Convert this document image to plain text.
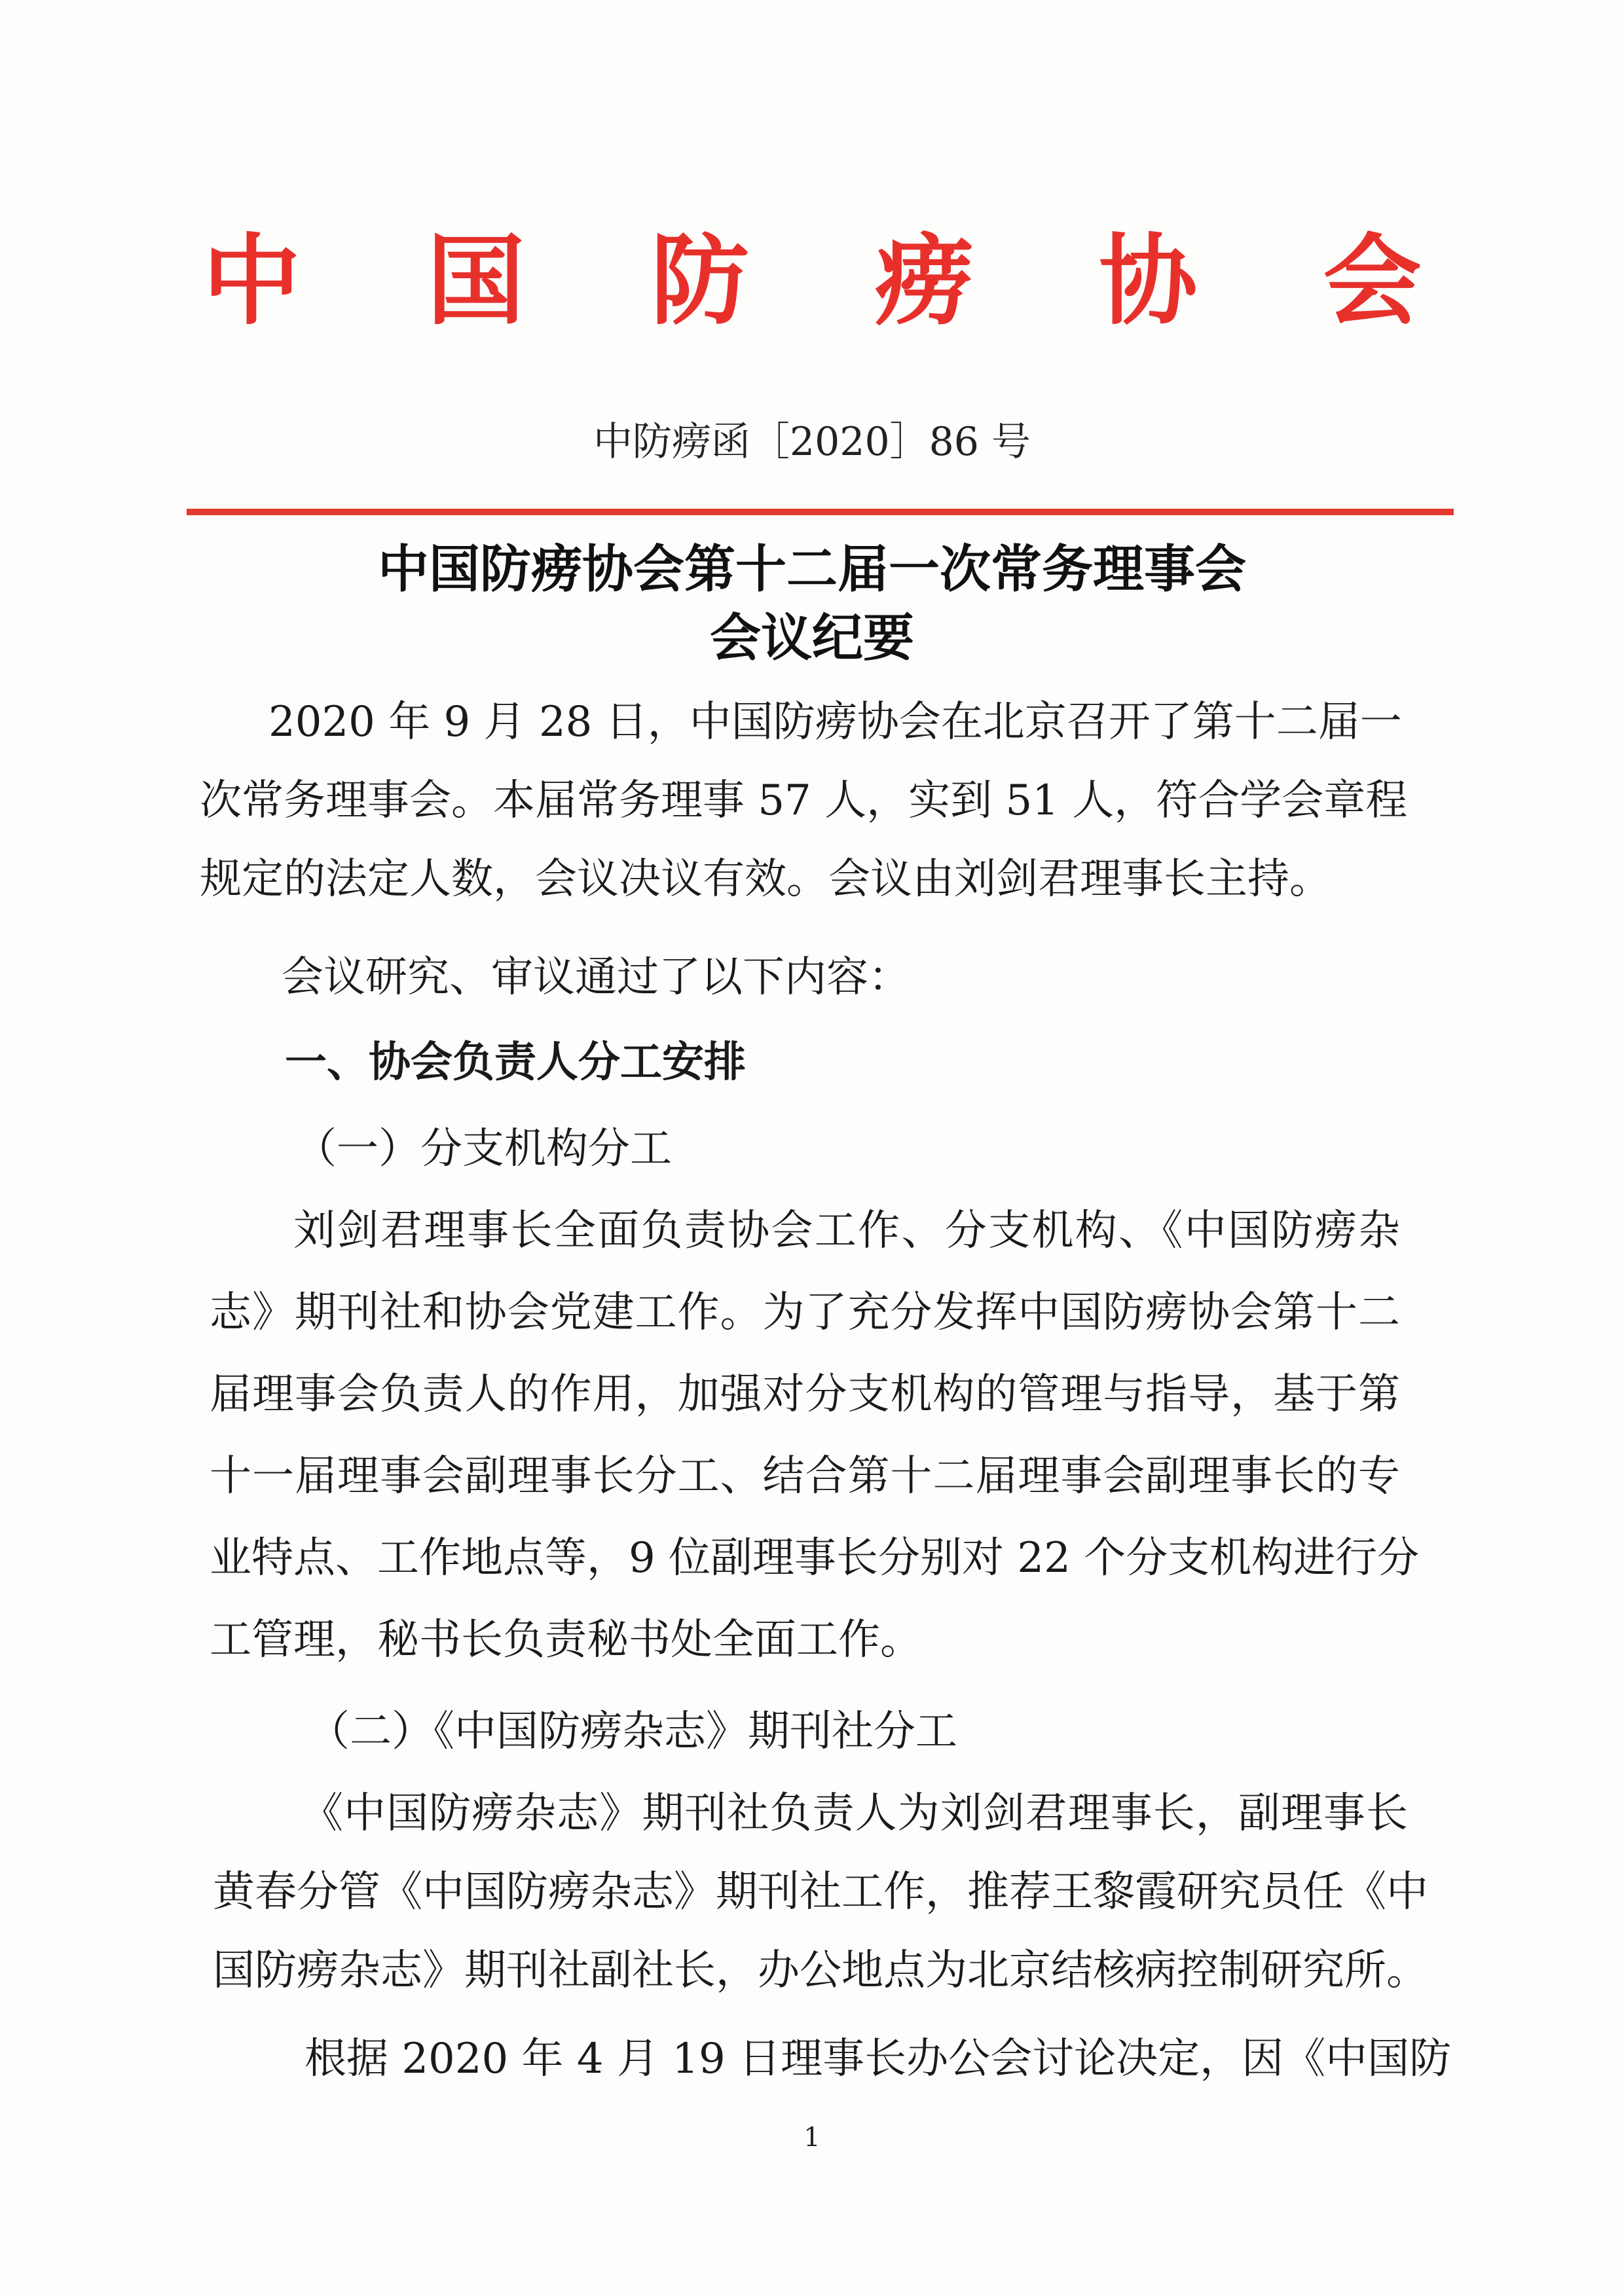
中 国 防 痨 协 会
中防痨函［2020］86 号
中国防痨协会第十二届一次常务理事会
会议纪要
2020 年 9 月 28 日，中国防痨协会在北京召开了第十二届一
次常务理事会。本届常务理事 57 人，实到 51 人，符合学会章程
规定的法定人数，会议决议有效。会议由刘剑君理事长主持。
会议研究、审议通过了以下内容：
一、协会负责人分工安排
（一）分支机构分工
刘剑君理事长全面负责协会工作、分支机构、《中国防痨杂
志》期刊社和协会党建工作。为了充分发挥中国防痨协会第十二
届理事会负责人的作用，加强对分支机构的管理与指导，基于第
十一届理事会副理事长分工、结合第十二届理事会副理事长的专
业特点、工作地点等，9 位副理事长分别对 22 个分支机构进行分
工管理，秘书长负责秘书处全面工作。
（二）《中国防痨杂志》期刊社分工
《中国防痨杂志》期刊社负责人为刘剑君理事长，副理事长
黄春分管《中国防痨杂志》期刊社工作，推荐王黎霞研究员任《中
国防痨杂志》期刊社副社长，办公地点为北京结核病控制研究所。
根据 2020 年 4 月 19 日理事长办公会讨论决定，因《中国防
1
